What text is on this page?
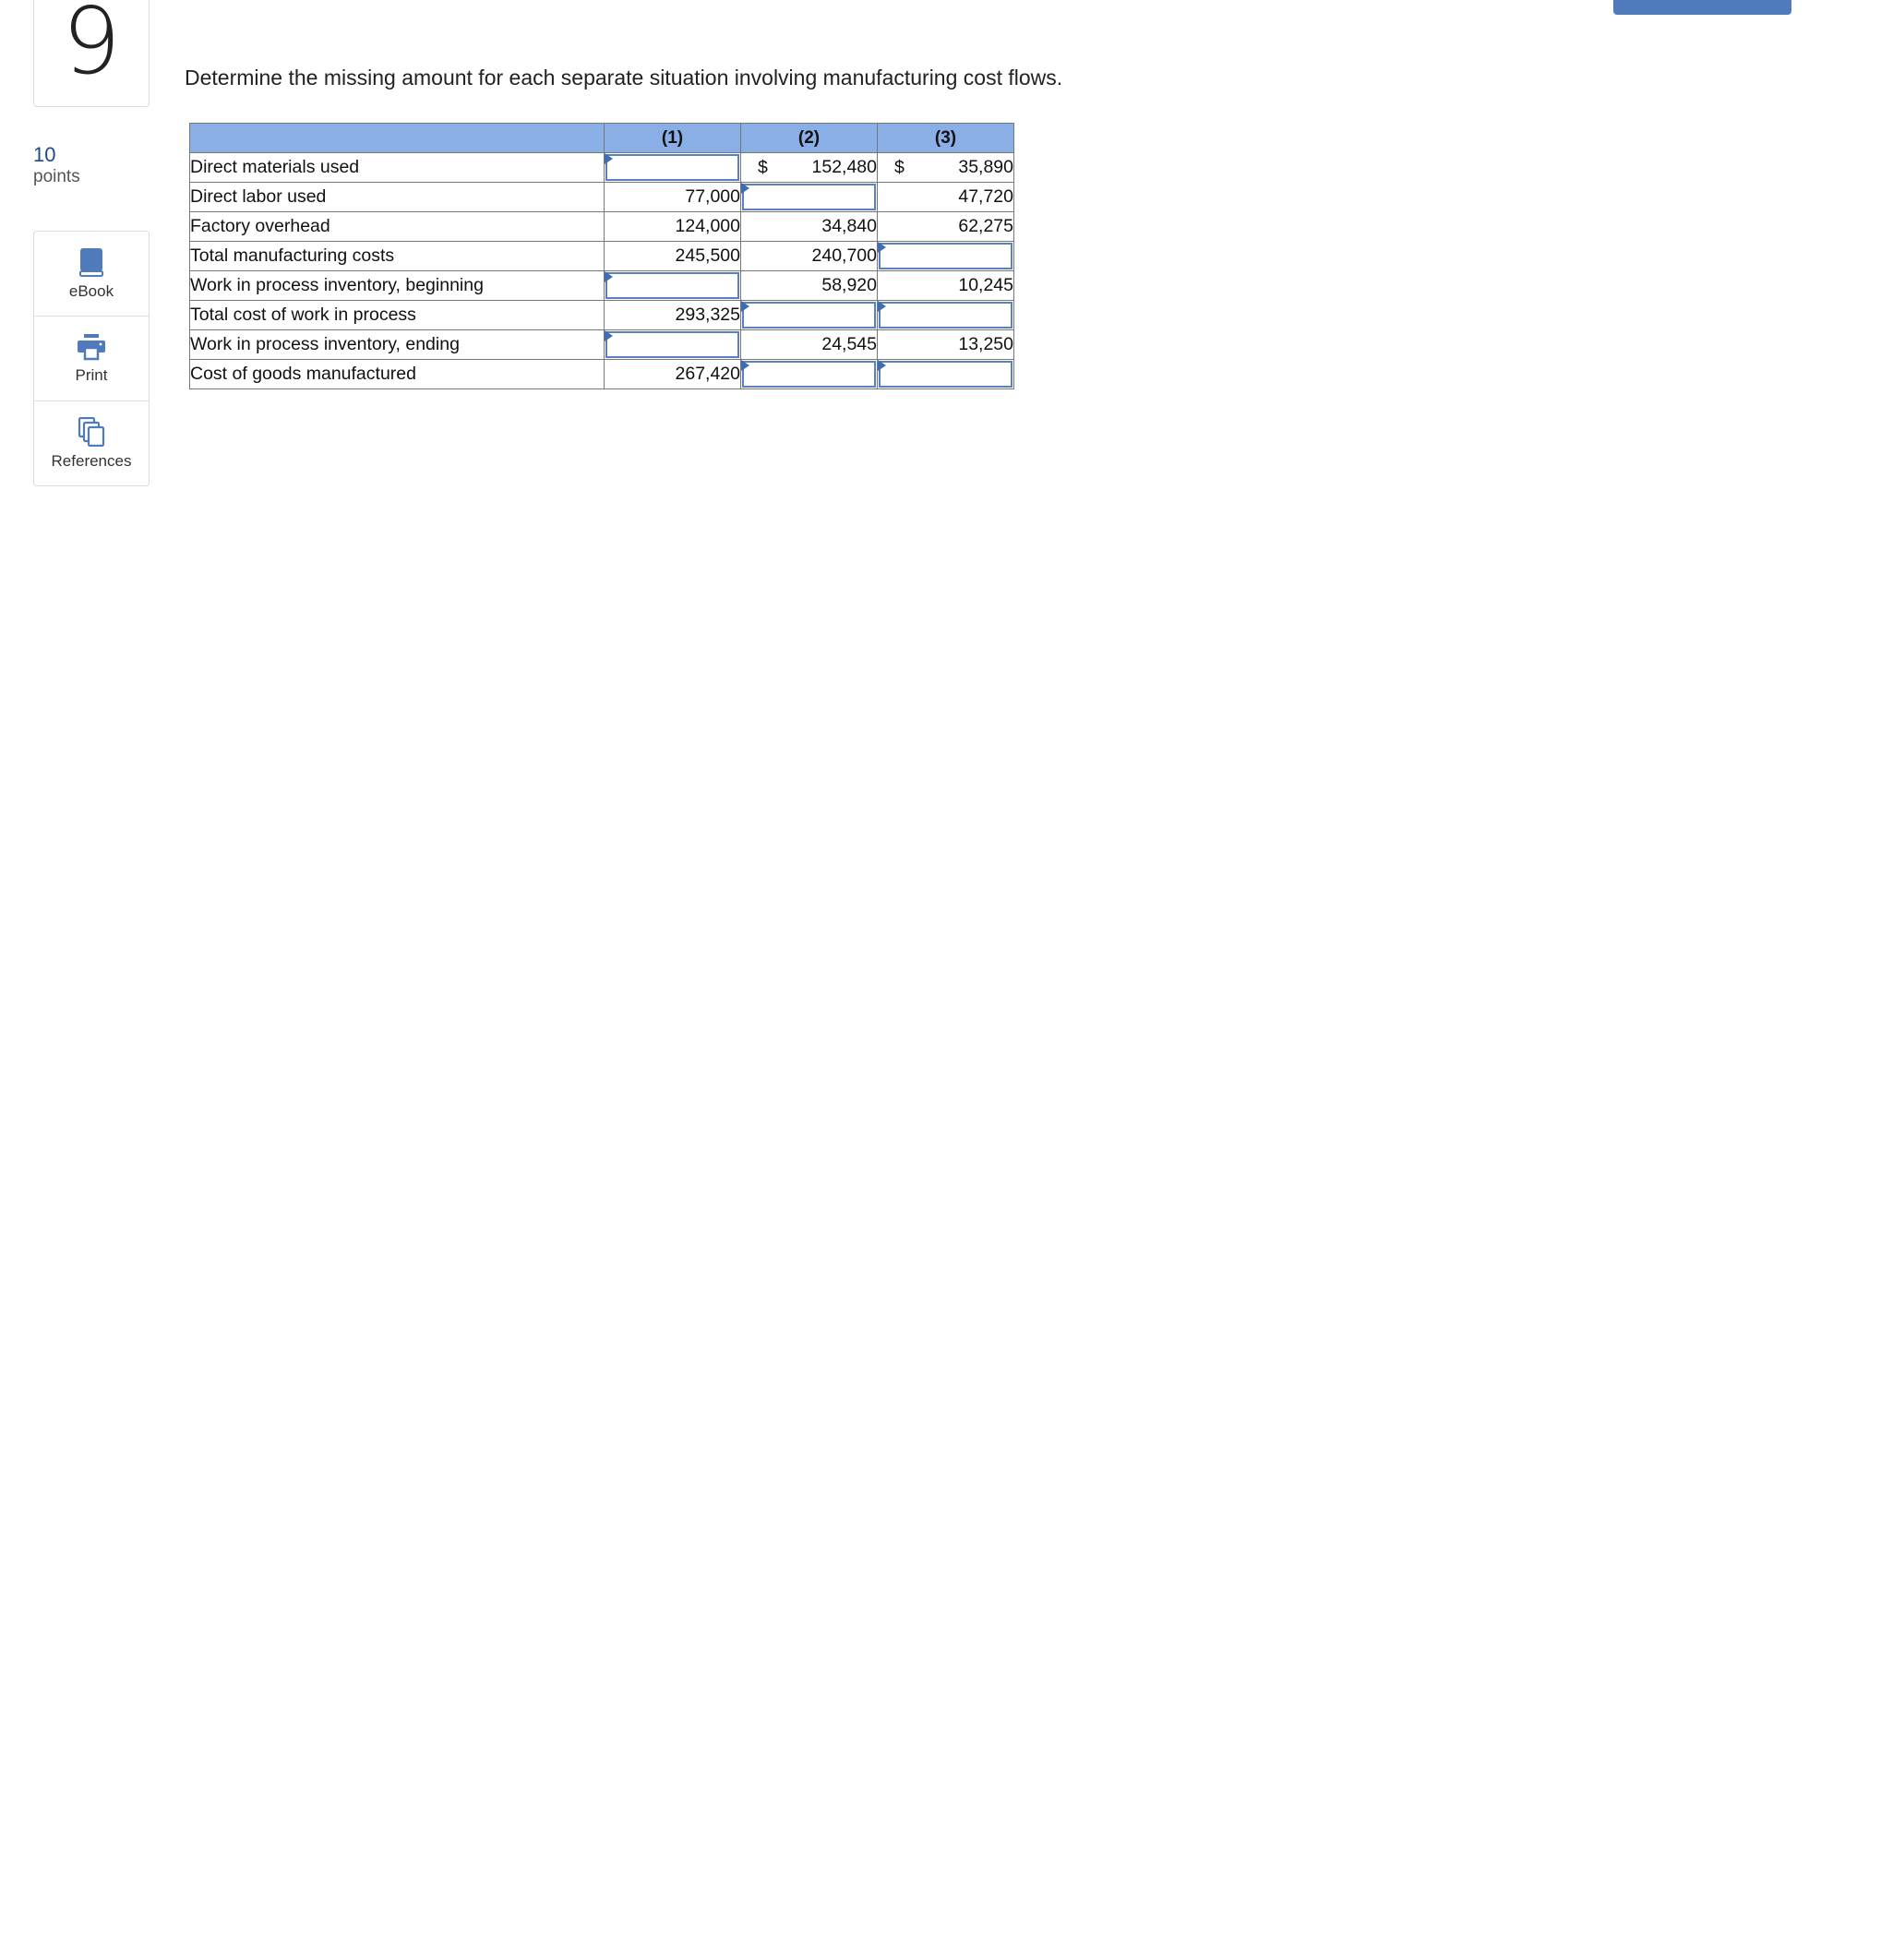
9
10
points
eBook
Print
References
Determine the missing amount for each separate situation involving manufacturing cost flows.
	(1)	(2)	(3)
Direct materials used		$ 152,480	$ 35,890
Direct labor used	77,000		47,720
Factory overhead	124,000	34,840	62,275
Total manufacturing costs	245,500	240,700	

Work in process inventory, beginning		58,920	10,245
Total cost of work in process	293,325	

Work in process inventory, ending		24,545	13,250
Cost of goods manufactured	267,420	
